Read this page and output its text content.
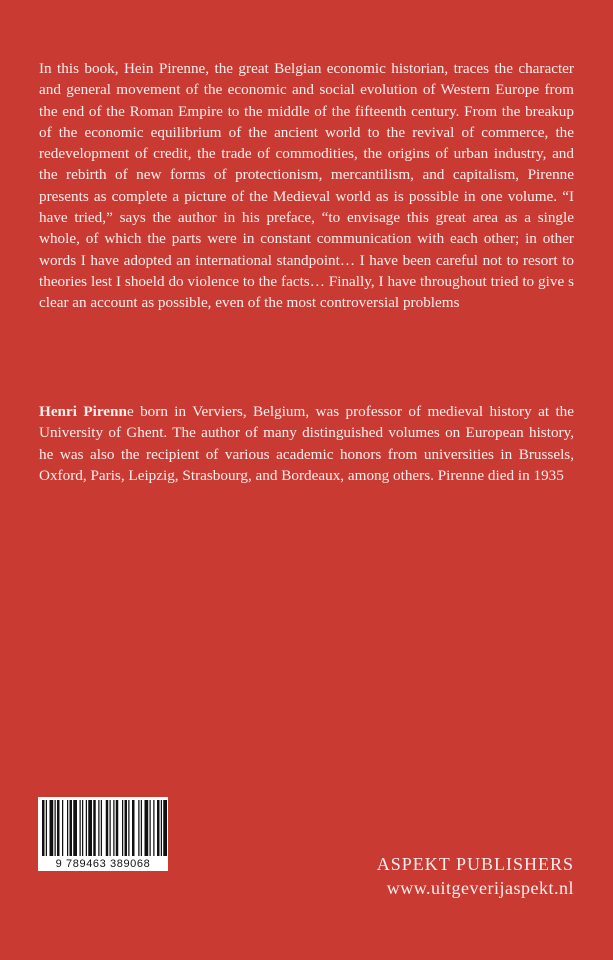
In this book, Hein Pirenne, the great Belgian economic historian, traces the character and general movement of the economic and social evolution of Western Europe from the end of the Roman Empire to the middle of the fifteenth century. From the breakup of the economic equilibrium of the ancient world to the revival of commerce, the redevelopment of credit, the trade of commodities, the origins of urban industry, and the rebirth of new forms of protectionism, mercantilism, and capitalism, Pirenne presents as complete a picture of the Medieval world as is possible in one volume. “I have tried,” says the author in his preface, “to envisage this great area as a single whole, of which the parts were in constant communication with each other; in other words I have adopted an international standpoint… I have been careful not to resort to theories lest I shoeld do violence to the facts… Finally, I have throughout tried to give s clear an account as possible, even of the most controversial problems

Henri Pirenne born in Verviers, Belgium, was professor of medieval history at the University of Ghent. The author of many distinguished volumes on European history, he was also the recipient of various academic honors from universities in Brussels, Oxford, Paris, Leipzig, Strasbourg, and Bordeaux, among others. Pirenne died in 1935

9 789463 389068	ASPEKT PUBLISHERS
www.uitgeverijaspekt.nl
